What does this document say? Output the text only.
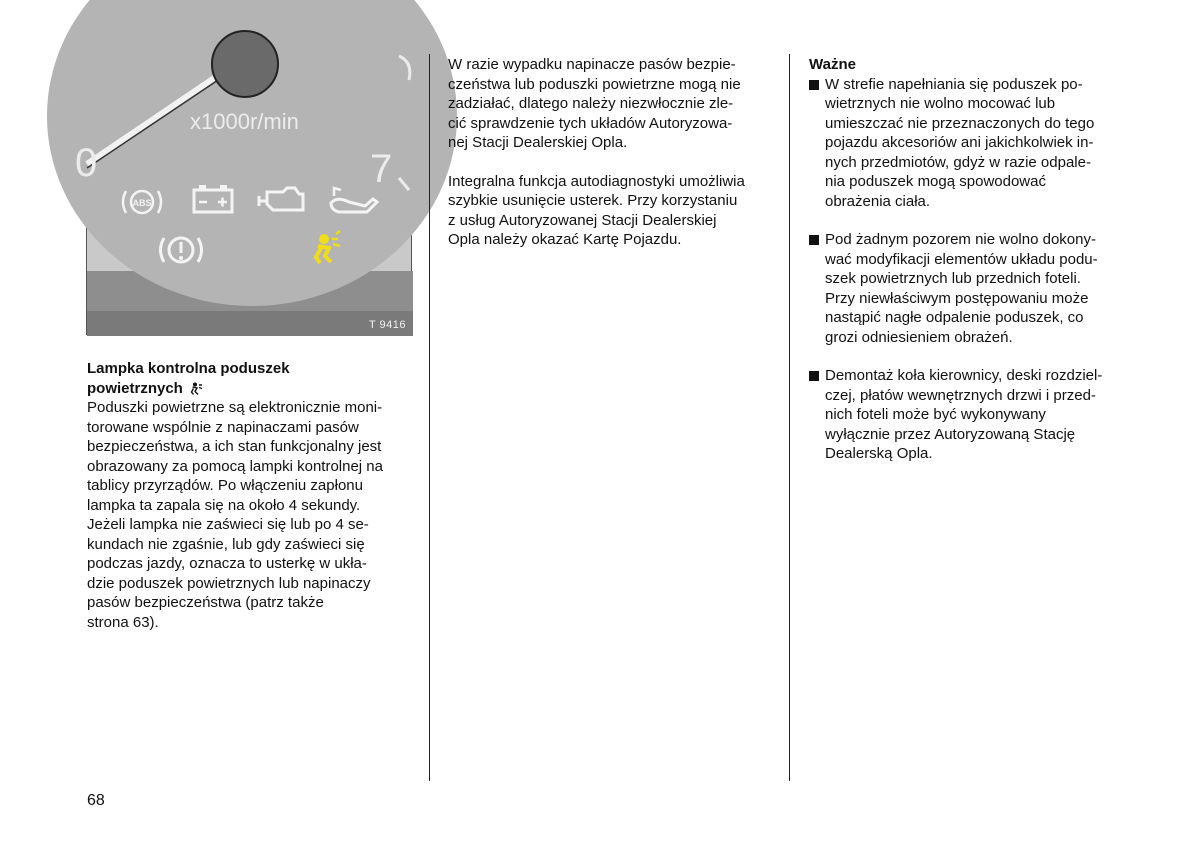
x1000r/min
7
0
ABS
T 9416

Lampka kontrolna poduszek
powietrznych

Poduszki powietrzne są elektronicznie moni-
torowane wspólnie z napinaczami pasów
bezpieczeństwa, a ich stan funkcjonalny jest
obrazowany za pomocą lampki kontrolnej na
tablicy przyrządów. Po włączeniu zapłonu
lampka ta zapala się na około 4 sekundy.
Jeżeli lampka nie zaświeci się lub po 4 se-
kundach nie zgaśnie, lub gdy zaświeci się
podczas jazdy, oznacza to usterkę w ukła-
dzie poduszek powietrznych lub napinaczy
pasów bezpieczeństwa (patrz także
strona 63).

W razie wypadku napinacze pasów bezpie-
czeństwa lub poduszki powietrzne mogą nie
zadziałać, dlatego należy niezwłocznie zle-
cić sprawdzenie tych układów Autoryzowa-
nej Stacji Dealerskiej Opla.

Integralna funkcja autodiagnostyki umożliwia
szybkie usunięcie usterek. Przy korzystaniu
z usług Autoryzowanej Stacji Dealerskiej
Opla należy okazać Kartę Pojazdu.

Ważne

W strefie napełniania się poduszek po-
wietrznych nie wolno mocować lub
umieszczać nie przeznaczonych do tego
pojazdu akcesoriów ani jakichkolwiek in-
nych przedmiotów, gdyż w razie odpale-
nia poduszek mogą spowodować
obrażenia ciała.

Pod żadnym pozorem nie wolno dokony-
wać modyfikacji elementów układu podu-
szek powietrznych lub przednich foteli.
Przy niewłaściwym postępowaniu może
nastąpić nagłe odpalenie poduszek, co
grozi odniesieniem obrażeń.

Demontaż koła kierownicy, deski rozdziel-
czej, płatów wewnętrznych drzwi i przed-
nich foteli może być wykonywany
wyłącznie przez Autoryzowaną Stację
Dealerską Opla.

68
